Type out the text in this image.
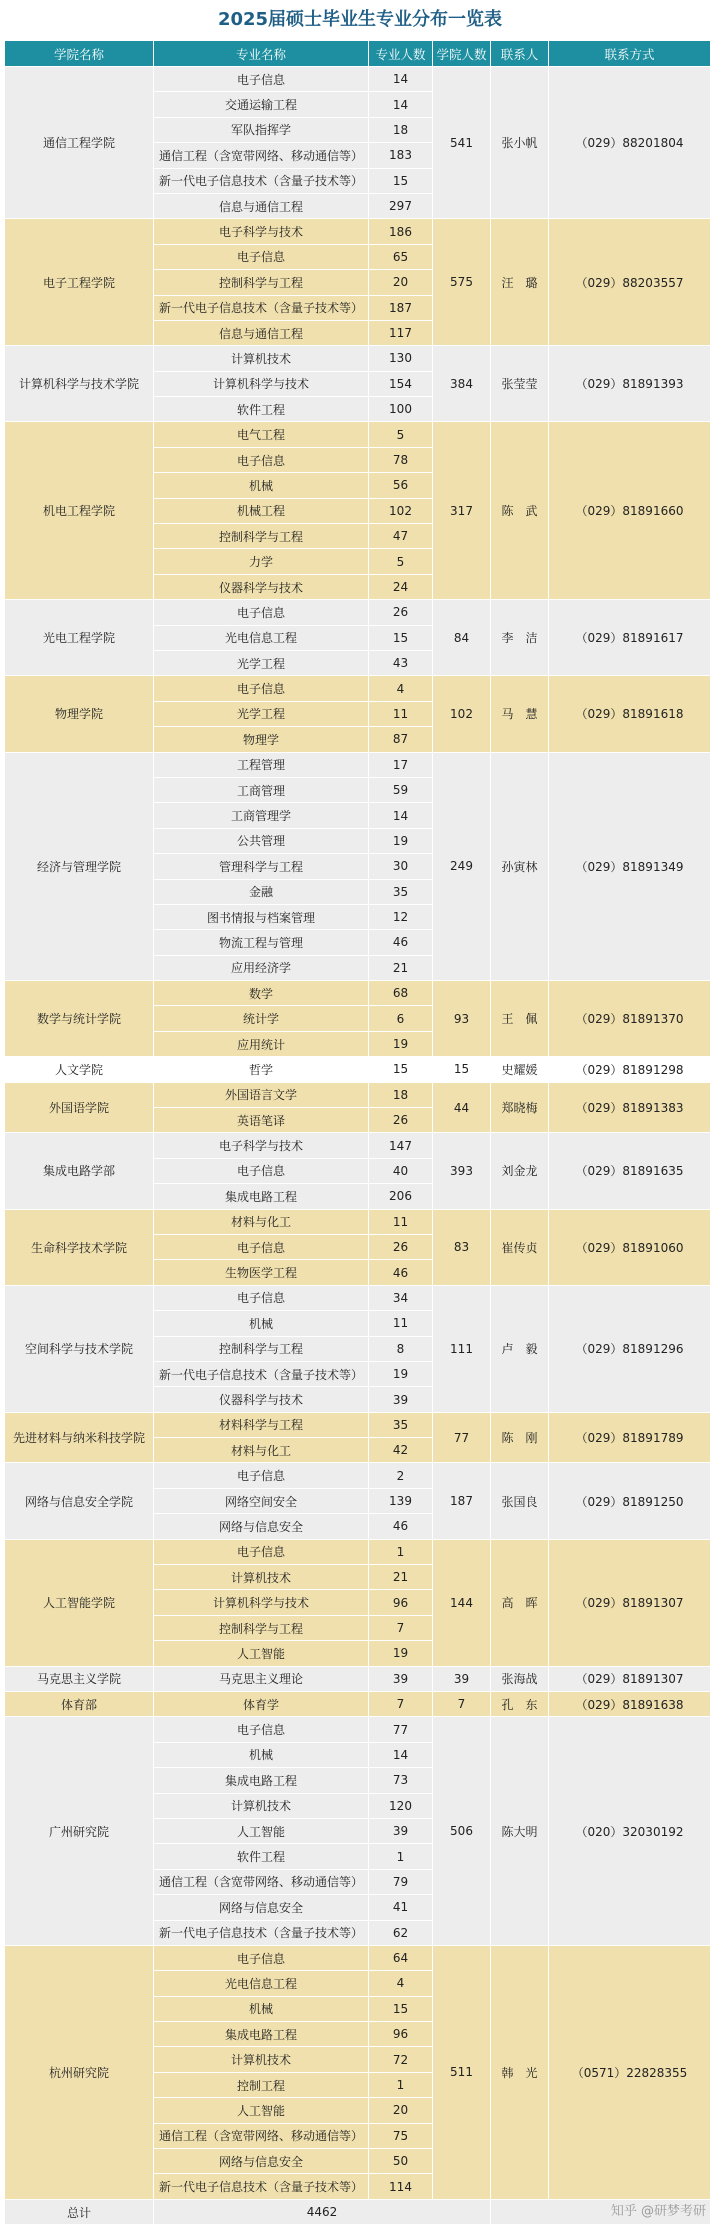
2025届硕士毕业生专业分布一览表
学院名称	专业名称	专业人数	学院人数	联系人	联系方式
通信工程学院	电子信息	14	541	张小帆	（029）88201804
	交通运输工程	14			
	军队指挥学	18			
	通信工程（含宽带网络、移动通信等）	183			
	新一代电子信息技术（含量子技术等）	15			
	信息与通信工程	297			
电子工程学院	电子科学与技术	186	575	汪　璐	（029）88203557
	电子信息	65			
	控制科学与工程	20			
	新一代电子信息技术（含量子技术等）	187			
	信息与通信工程	117			
计算机科学与技术学院	计算机技术	130	384	张莹莹	（029）81891393
	计算机科学与技术	154			
	软件工程	100			
机电工程学院	电气工程	5	317	陈　武	（029）81891660
	电子信息	78			
	机械	56			
	机械工程	102			
	控制科学与工程	47			
	力学	5			
	仪器科学与技术	24			
光电工程学院	电子信息	26	84	李　洁	（029）81891617
	光电信息工程	15			
	光学工程	43			
物理学院	电子信息	4	102	马　慧	（029）81891618
	光学工程	11			
	物理学	87			
经济与管理学院	工程管理	17	249	孙寅林	（029）81891349
	工商管理	59			
	工商管理学	14			
	公共管理	19			
	管理科学与工程	30			
	金融	35			
	图书情报与档案管理	12			
	物流工程与管理	46			
	应用经济学	21			
数学与统计学院	数学	68	93	王　佩	（029）81891370
	统计学	6			
	应用统计	19			
人文学院	哲学	15	15	史耀媛	（029）81891298
外国语学院	外国语言文学	18	44	郑晓梅	（029）81891383
	英语笔译	26			
集成电路学部	电子科学与技术	147	393	刘金龙	（029）81891635
	电子信息	40			
	集成电路工程	206			
生命科学技术学院	材料与化工	11	83	崔传贞	（029）81891060
	电子信息	26			
	生物医学工程	46			
空间科学与技术学院	电子信息	34	111	卢　毅	（029）81891296
	机械	11			
	控制科学与工程	8			
	新一代电子信息技术（含量子技术等）	19			
	仪器科学与技术	39			
先进材料与纳米科技学院	材料科学与工程	35	77	陈　刚	（029）81891789
	材料与化工	42			
网络与信息安全学院	电子信息	2	187	张国良	（029）81891250
	网络空间安全	139			
	网络与信息安全	46			
人工智能学院	电子信息	1	144	高　晖	（029）81891307
	计算机技术	21			
	计算机科学与技术	96			
	控制科学与工程	7			
	人工智能	19			
马克思主义学院	马克思主义理论	39	39	张海战	（029）81891307
体育部	体育学	7	7	孔　东	（029）81891638
广州研究院	电子信息	77	506	陈大明	（020）32030192
	机械	14			
	集成电路工程	73			
	计算机技术	120			
	人工智能	39			
	软件工程	1			
	通信工程（含宽带网络、移动通信等）	79			
	网络与信息安全	41			
	新一代电子信息技术（含量子技术等）	62			
杭州研究院	电子信息	64	511	韩　光	（0571）22828355
	光电信息工程	4			
	机械	15			
	集成电路工程	96			
	计算机技术	72			
	控制工程	1			
	人工智能	20			
	通信工程（含宽带网络、移动通信等）	75			
	网络与信息安全	50			
	新一代电子信息技术（含量子技术等）	114			
总计	4462					知乎 @研梦考研
